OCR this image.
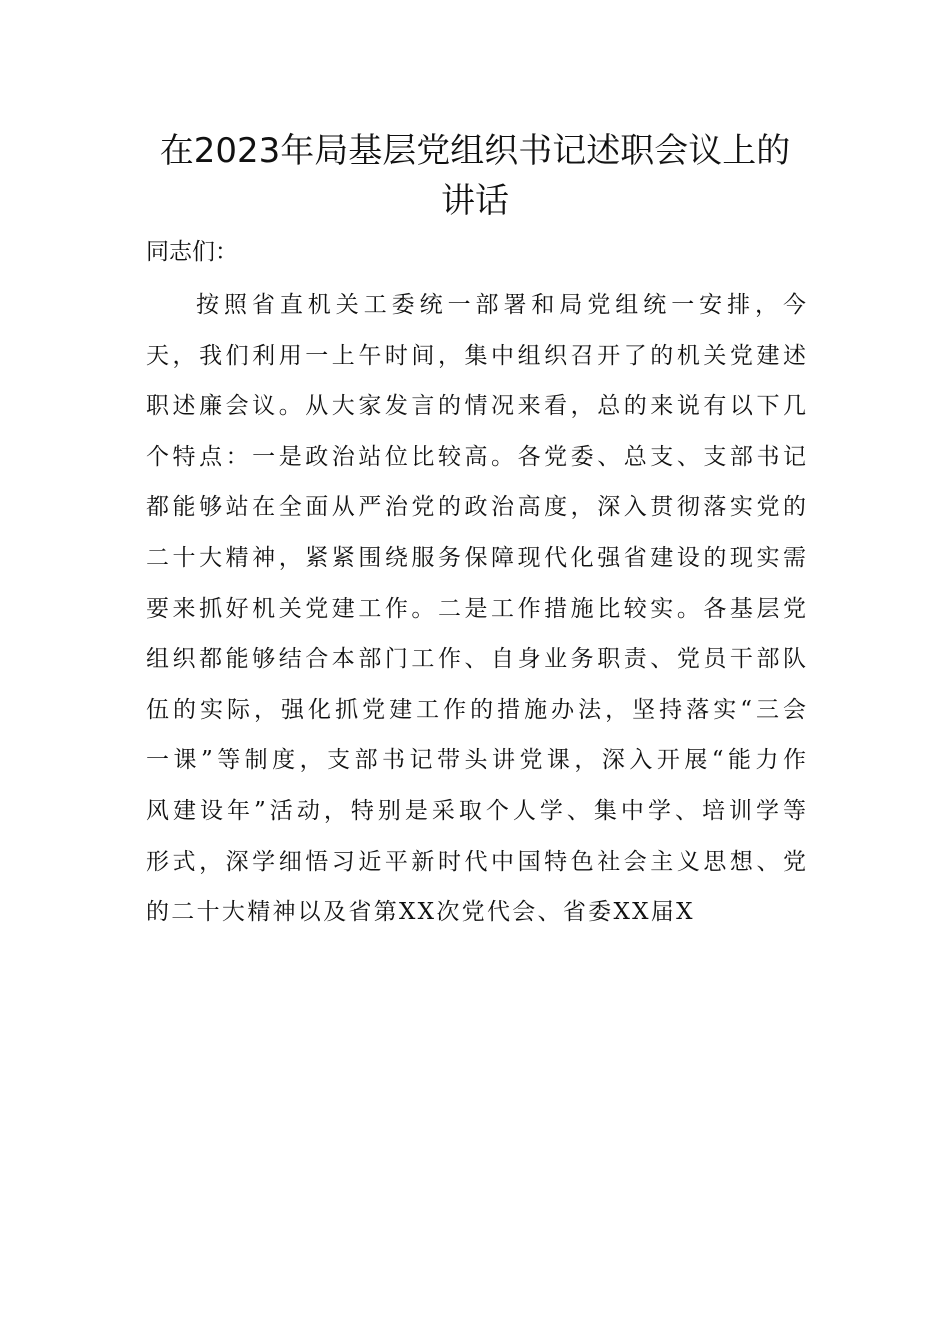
在2023年局基层党组织书记述职会议上的
讲话
同志们：
按照省直机关工委统一部署和局党组统一安排，今
天，我们利用一上午时间，集中组织召开了的机关党建述
职述廉会议。从大家发言的情况来看，总的来说有以下几
个特点：一是政治站位比较高。各党委、总支、支部书记
都能够站在全面从严治党的政治高度，深入贯彻落实党的
二十大精神，紧紧围绕服务保障现代化强省建设的现实需
要来抓好机关党建工作。二是工作措施比较实。各基层党
组织都能够结合本部门工作、自身业务职责、党员干部队
伍的实际，强化抓党建工作的措施办法，坚持落实“三会
一课”等制度，支部书记带头讲党课，深入开展“能力作
风建设年”活动，特别是采取个人学、集中学、培训学等
形式，深学细悟习近平新时代中国特色社会主义思想、党
的二十大精神以及省第XX次党代会、省委XX届X
